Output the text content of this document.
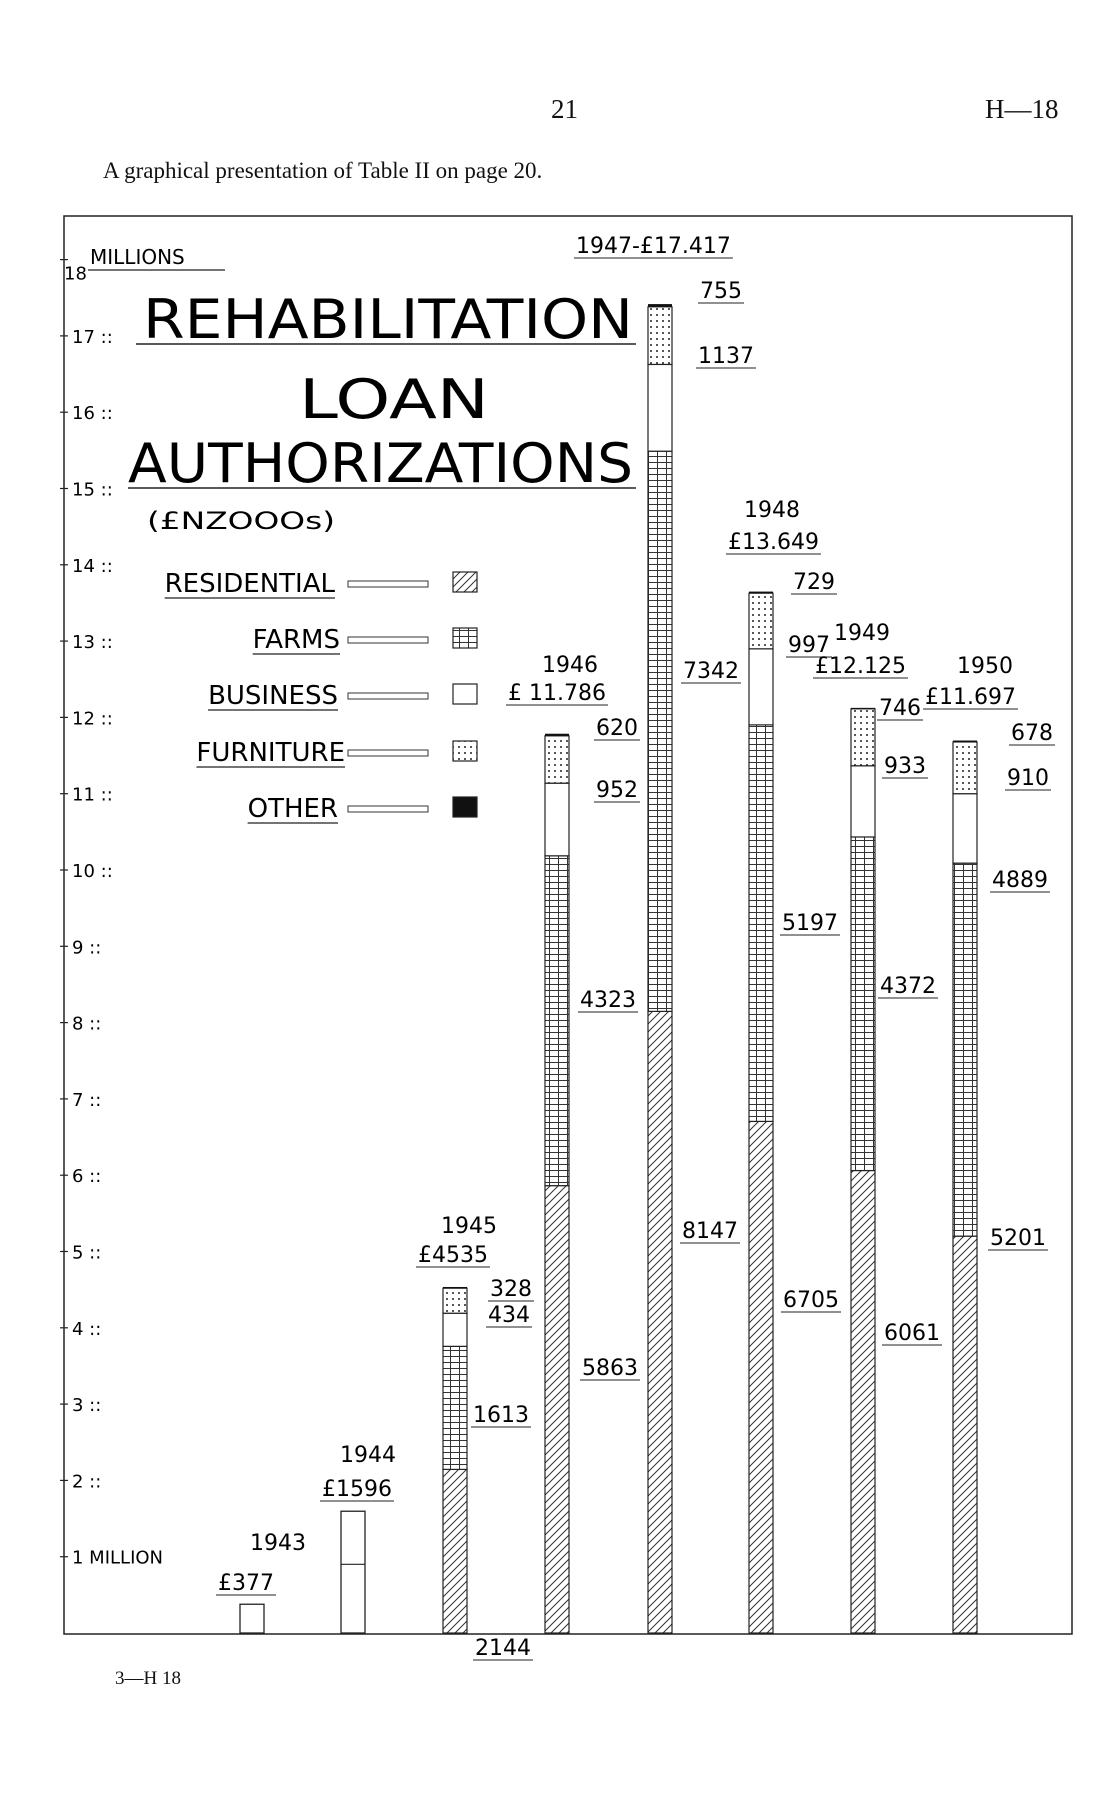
21	H—18
A graphical presentation of Table II on page 20.
3—H 18
1 MILLION
2 ::
3 ::
4 ::
5 ::
6 ::
7 ::
8 ::
9 ::
10 ::
11 ::
12 ::
13 ::
14 ::
15 ::
16 ::
17 ::
18
MILLIONS
REHABILITATION
LOAN
AUTHORIZATIONS
(£NZOOOs)
RESIDENTIAL
FARMS
BUSINESS
FURNITURE
OTHER
1943
£377
1944
£1596
2144
1613
434
328
1945
£4535
5863
4323
952
620
1946
£ 11.786
8147
7342
1137
755
1947-£17.417
6705
5197
997
729
1948
£13.649
6061
4372
933
746
1949
£12.125
5201
4889
910
678
1950
£11.697
